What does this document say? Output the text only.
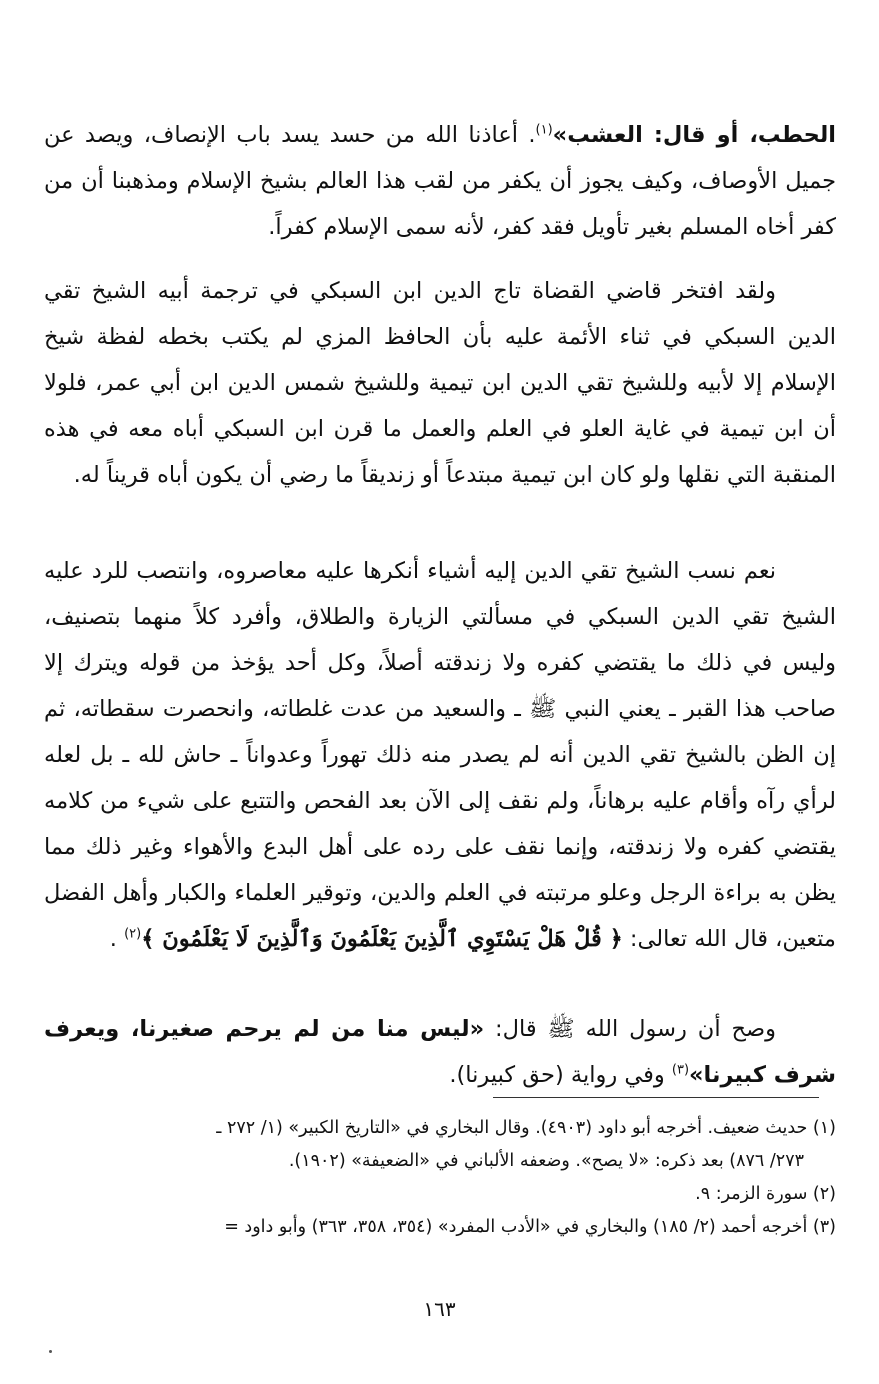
الحطب، أو قال: العشب»$^{(١)}$. أعاذنا الله من حسد يسد باب الإنصاف، ويصد عن جميل الأوصاف، وكيف يجوز أن يكفر من لقب هذا العالم بشيخ الإسلام ومذهبنا أن من كفر أخاه المسلم بغير تأويل فقد كفر، لأنه سمى الإسلام كفراً.

ولقد افتخر قاضي القضاة تاج الدين ابن السبكي في ترجمة أبيه الشيخ تقي الدين السبكي في ثناء الأئمة عليه بأن الحافظ المزي لم يكتب بخطه لفظة شيخ الإسلام إلا لأبيه وللشيخ تقي الدين ابن تيمية وللشيخ شمس الدين ابن أبي عمر، فلولا أن ابن تيمية في غاية العلو في العلم والعمل ما قرن ابن السبكي أباه معه في هذه المنقبة التي نقلها ولو كان ابن تيمية مبتدعاً أو زنديقاً ما رضي أن يكون أباه قريناً له.

نعم نسب الشيخ تقي الدين إليه أشياء أنكرها عليه معاصروه، وانتصب للرد عليه الشيخ تقي الدين السبكي في مسألتي الزيارة والطلاق، وأفرد كلاً منهما بتصنيف، وليس في ذلك ما يقتضي كفره ولا زندقته أصلاً، وكل أحد يؤخذ من قوله ويترك إلا صاحب هذا القبر ـ يعني النبي ﷺ ـ والسعيد من عدت غلطاته، وانحصرت سقطاته، ثم إن الظن بالشيخ تقي الدين أنه لم يصدر منه ذلك تهوراً وعدواناً ـ حاش لله ـ بل لعله لرأي رآه وأقام عليه برهاناً، ولم نقف إلى الآن بعد الفحص والتتبع على شيء من كلامه يقتضي كفره ولا زندقته، وإنما نقف على رده على أهل البدع والأهواء وغير ذلك مما يظن به براءة الرجل وعلو مرتبته في العلم والدين، وتوقير العلماء والكبار وأهل الفضل متعين، قال الله تعالى: ﴿ قُلْ هَلْ يَسْتَوِي ٱلَّذِينَ يَعْلَمُونَ وَٱلَّذِينَ لَا يَعْلَمُونَ ﴾$^{(٢)}$ .

وصح أن رسول الله ﷺ قال: «ليس منا من لم يرحم صغيرنا، ويعرف شرف كبيرنا»$^{(٣)}$ وفي رواية (حق كبيرنا).

(١) حديث ضعيف. أخرجه أبو داود (٤٩٠٣). وقال البخاري في «التاريخ الكبير» (١/ ٢٧٢ ـ

٢٧٣/ ٨٧٦) بعد ذكره: «لا يصح». وضعفه الألباني في «الضعيفة» (١٩٠٢).

(٢) سورة الزمر: ٩.

(٣) أخرجه أحمد (٢/ ١٨٥) والبخاري في «الأدب المفرد» (٣٥٤، ٣٥٨، ٣٦٣) وأبو داود =

١٦٣
